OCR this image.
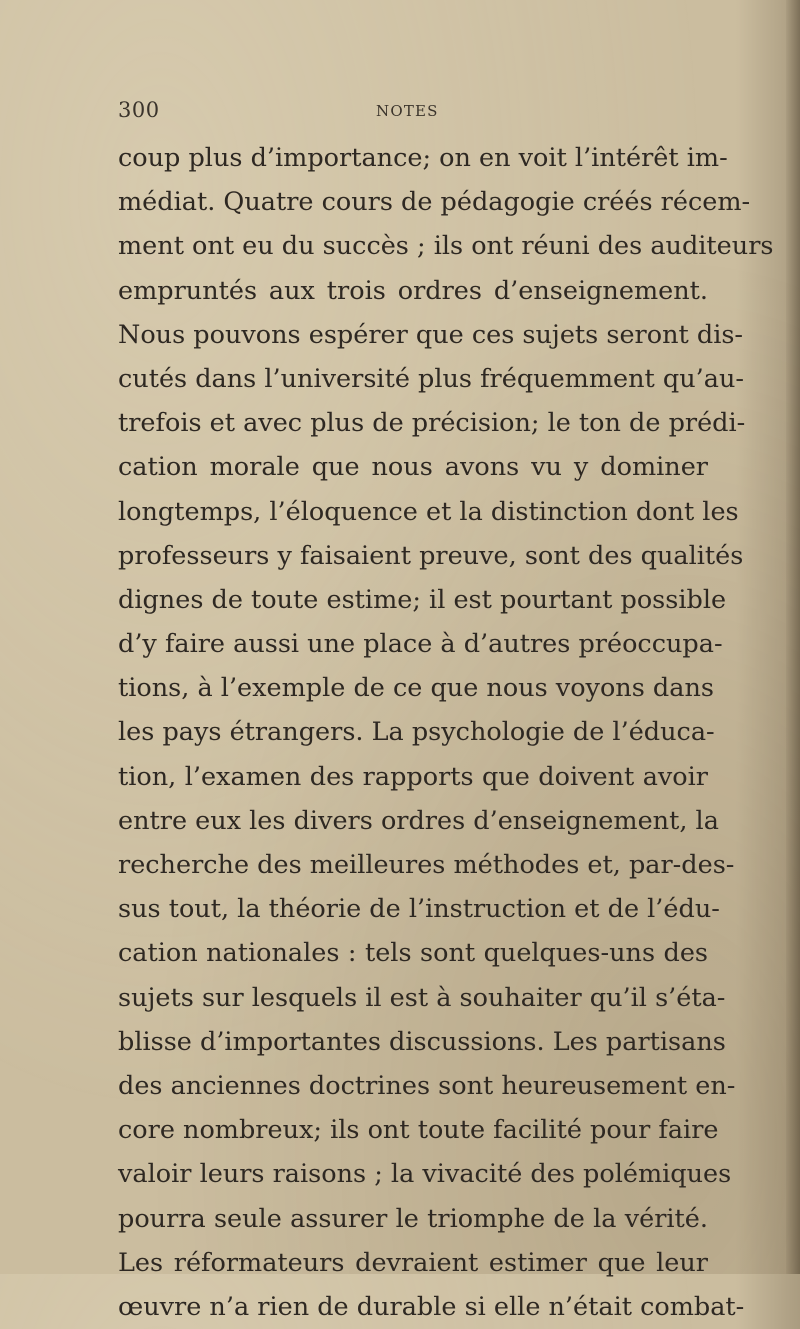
300	NOTES
coup plus d’importance; on en voit l’intérêt im-
médiat. Quatre cours de pédagogie créés récem-
ment ont eu du succès ; ils ont réuni des auditeurs
empruntés aux trois ordres d’enseignement.
Nous pouvons espérer que ces sujets seront dis-
cutés dans l’université plus fréquemment qu’au-
trefois et avec plus de précision; le ton de prédi-
cation morale que nous avons vu y dominer
longtemps, l’éloquence et la distinction dont les
professeurs y faisaient preuve, sont des qualités
dignes de toute estime; il est pourtant possible
d’y faire aussi une place à d’autres préoccupa-
tions, à l’exemple de ce que nous voyons dans
les pays étrangers. La psychologie de l’éduca-
tion, l’examen des rapports que doivent avoir
entre eux les divers ordres d’enseignement, la
recherche des meilleures méthodes et, par-des-
sus tout, la théorie de l’instruction et de l’édu-
cation nationales : tels sont quelques-uns des
sujets sur lesquels il est à souhaiter qu’il s’éta-
blisse d’importantes discussions. Les partisans
des anciennes doctrines sont heureusement en-
core nombreux; ils ont toute facilité pour faire
valoir leurs raisons ; la vivacité des polémiques
pourra seule assurer le triomphe de la vérité.
Les réformateurs devraient estimer que leur
œuvre n’a rien de durable si elle n’était combat-
